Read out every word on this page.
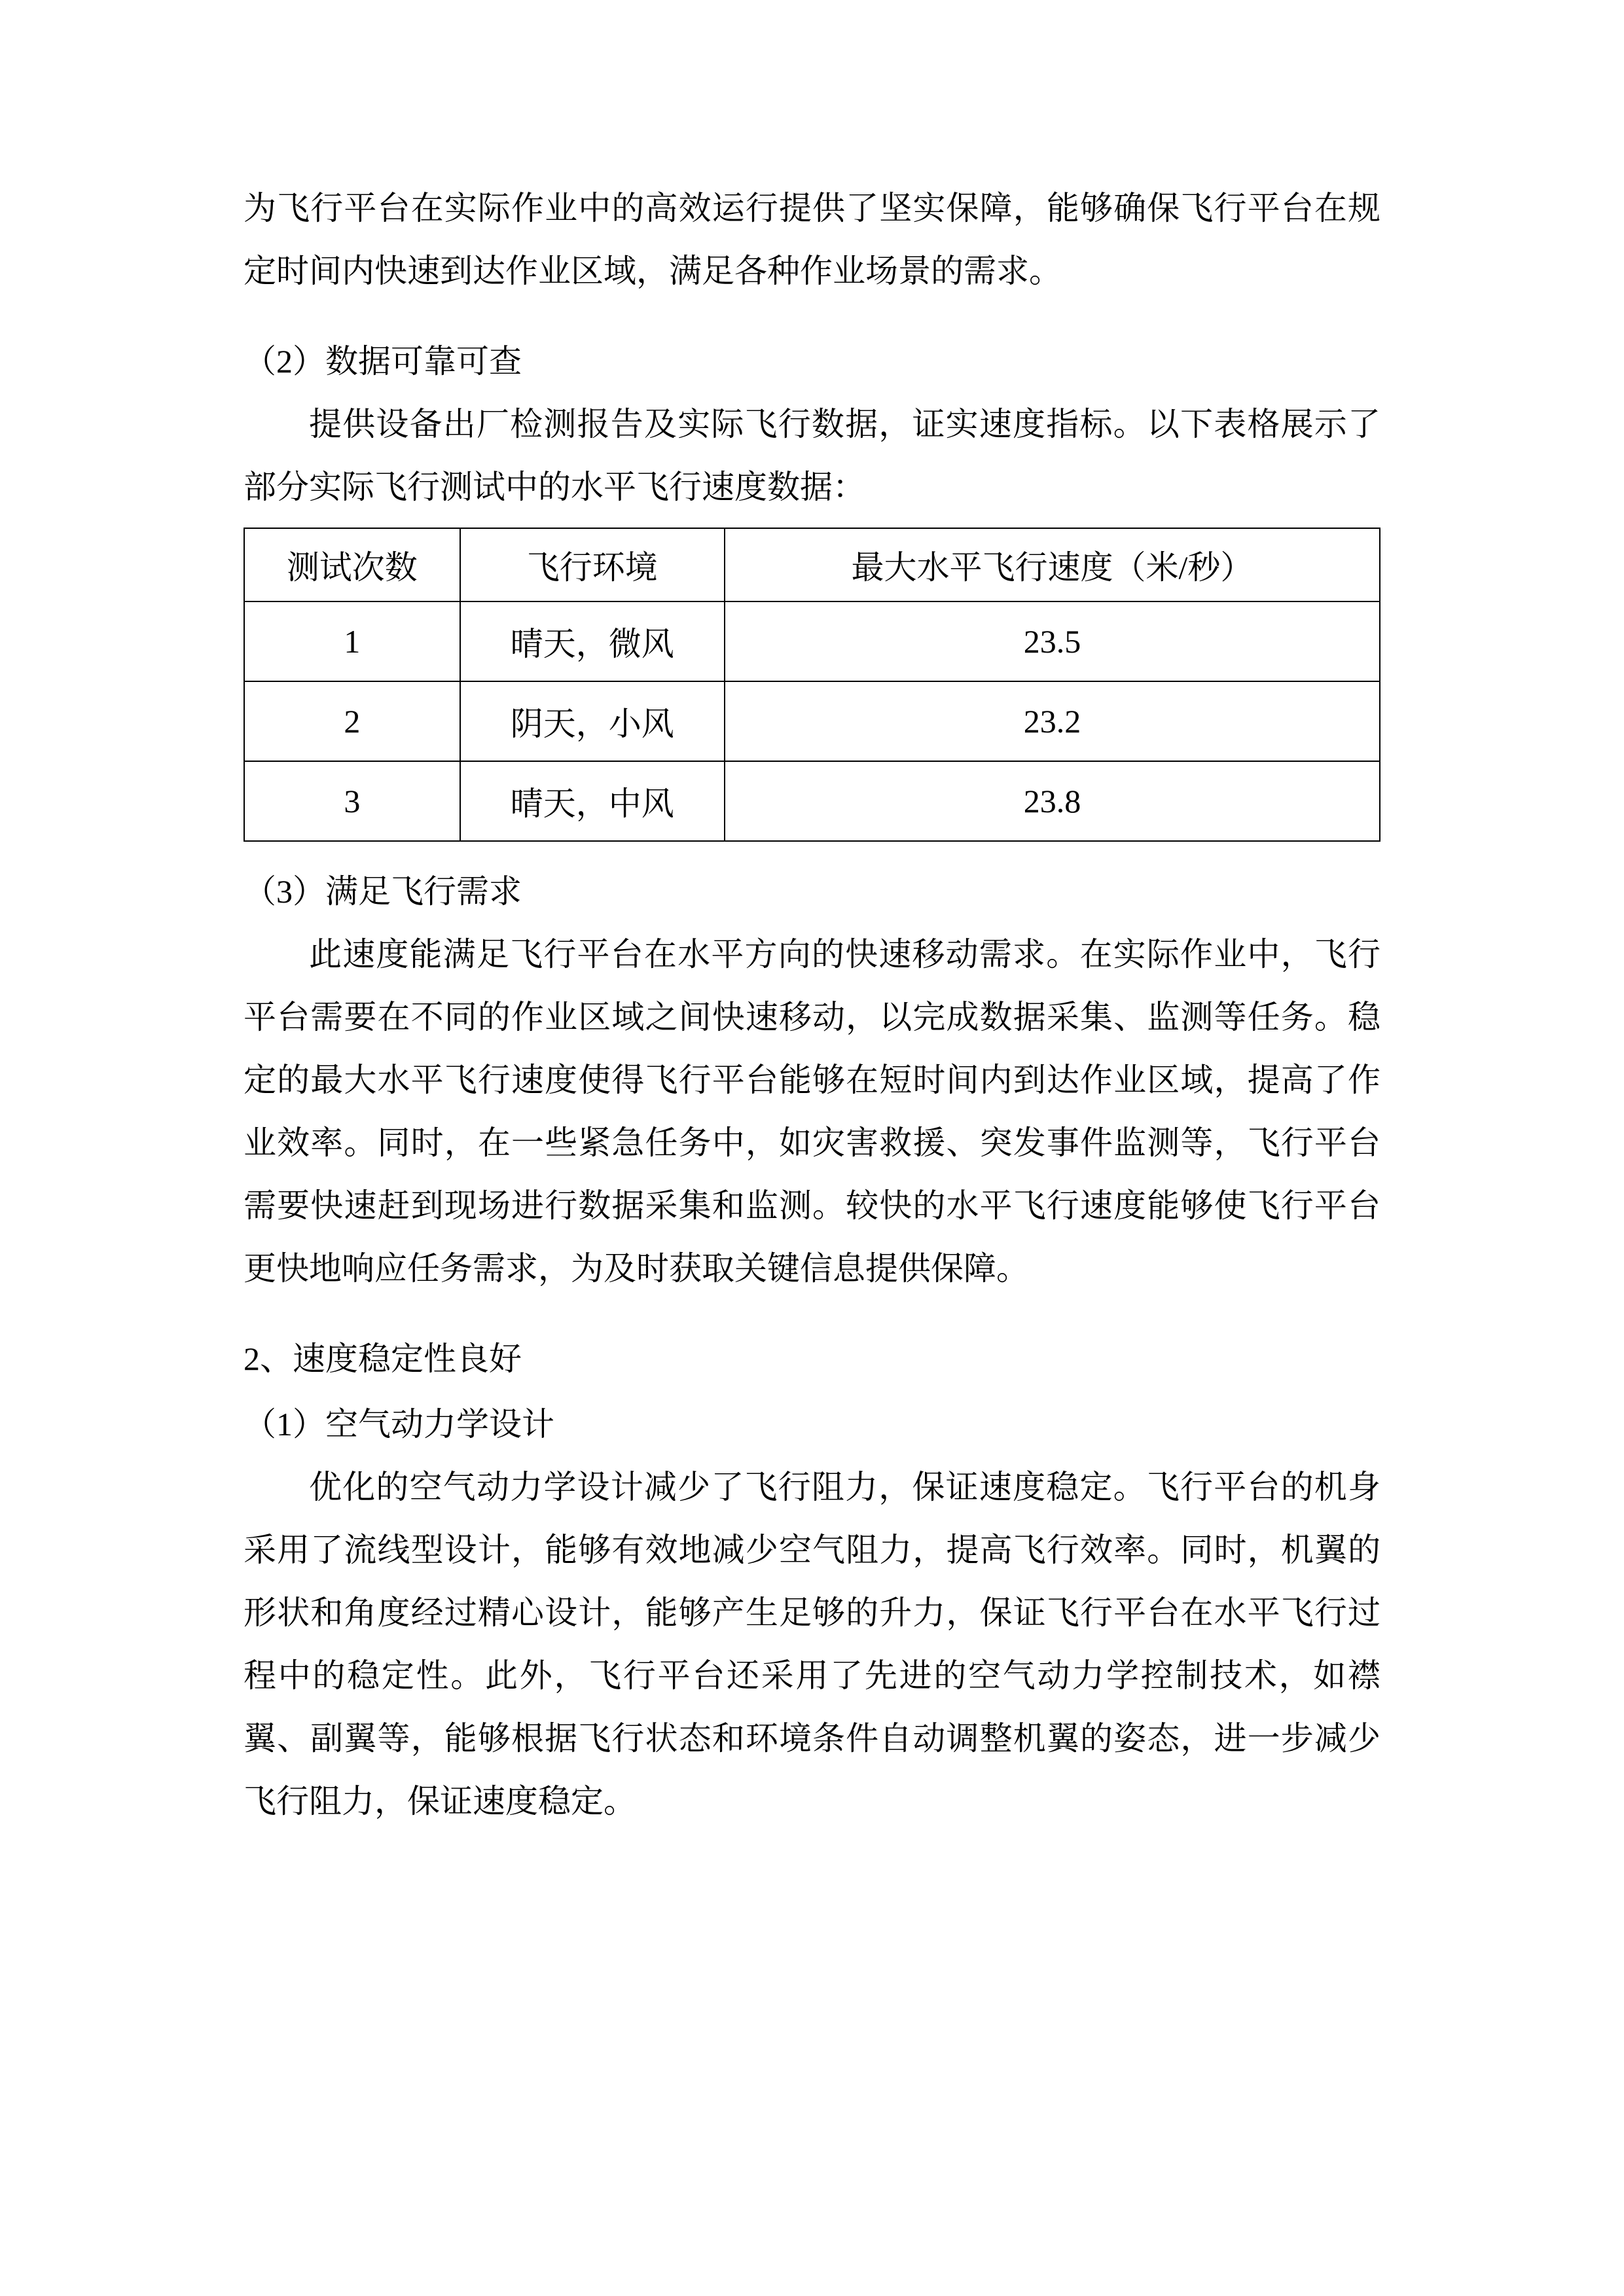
为飞行平台在实际作业中的高效运行提供了坚实保障，能够确保飞行平台在规定时间内快速到达作业区域，满足各种作业场景的需求。

（2）数据可靠可查

提供设备出厂检测报告及实际飞行数据，证实速度指标。以下表格展示了部分实际飞行测试中的水平飞行速度数据：

测试次数	飞行环境	最大水平飞行速度（米/秒）
1	晴天，微风	23.5
2	阴天，小风	23.2
3	晴天，中风	23.8

（3）满足飞行需求

此速度能满足飞行平台在水平方向的快速移动需求。在实际作业中，飞行平台需要在不同的作业区域之间快速移动，以完成数据采集、监测等任务。稳定的最大水平飞行速度使得飞行平台能够在短时间内到达作业区域，提高了作业效率。同时，在一些紧急任务中，如灾害救援、突发事件监测等，飞行平台需要快速赶到现场进行数据采集和监测。较快的水平飞行速度能够使飞行平台更快地响应任务需求，为及时获取关键信息提供保障。

2、速度稳定性良好

（1）空气动力学设计

优化的空气动力学设计减少了飞行阻力，保证速度稳定。飞行平台的机身采用了流线型设计，能够有效地减少空气阻力，提高飞行效率。同时，机翼的形状和角度经过精心设计，能够产生足够的升力，保证飞行平台在水平飞行过程中的稳定性。此外，飞行平台还采用了先进的空气动力学控制技术，如襟翼、副翼等，能够根据飞行状态和环境条件自动调整机翼的姿态，进一步减少飞行阻力，保证速度稳定。
